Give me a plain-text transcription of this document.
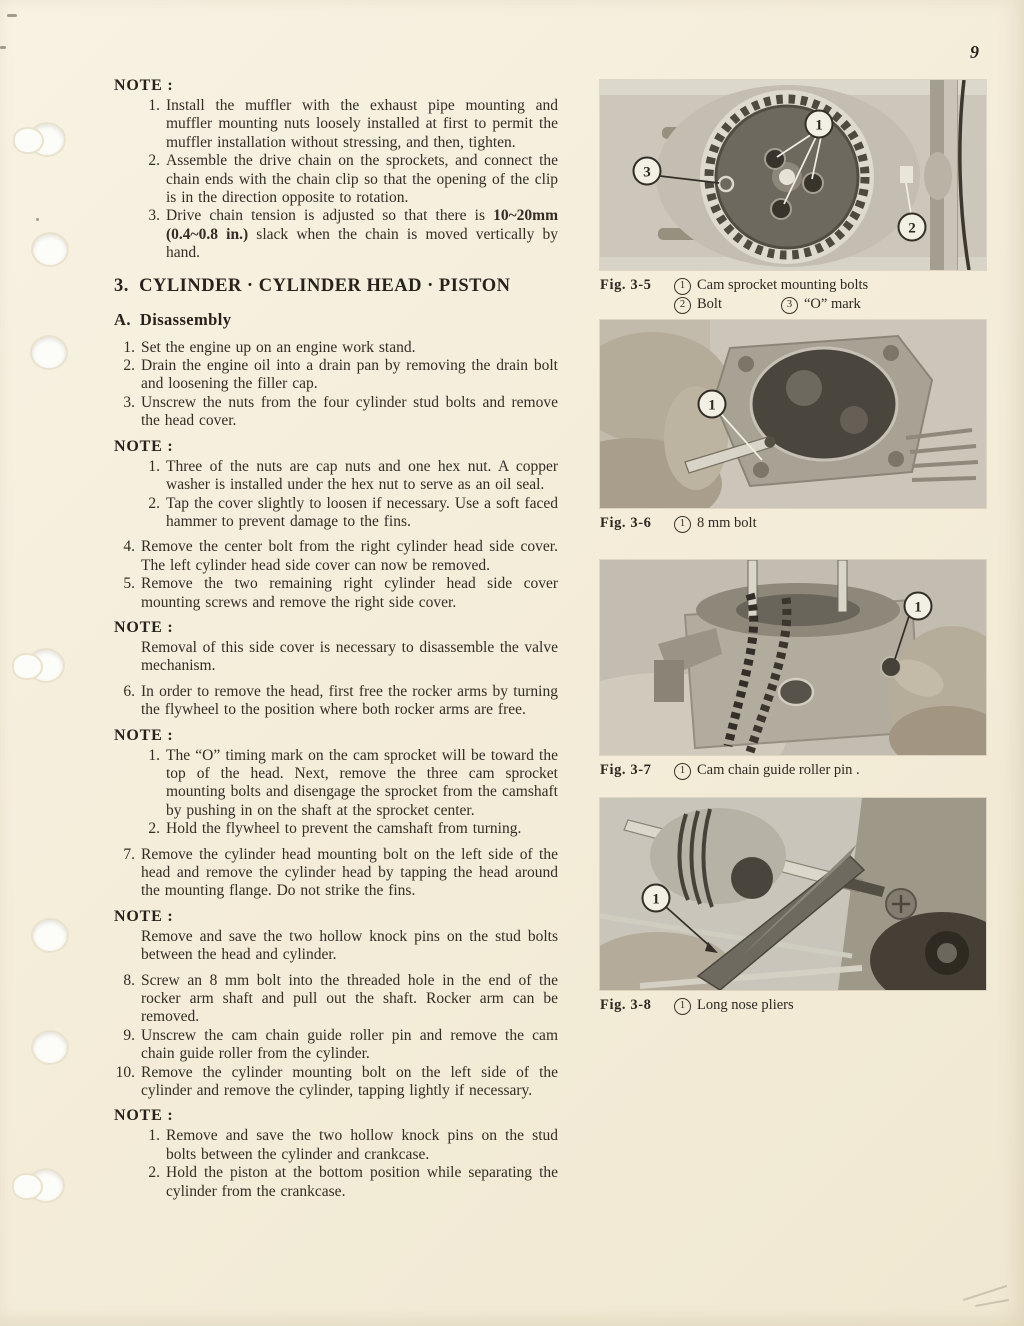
9
NOTE :
1. Install the muffler with the exhaust pipe mounting and muffler mounting nuts loosely installed at first to permit the muffler installation without stressing, and then, tighten.
2. Assemble the drive chain on the sprockets, and connect the chain ends with the chain clip so that the opening of the clip is in the direction opposite to rotation.
3. Drive chain tension is adjusted so that there is 10~20mm (0.4~0.8 in.) slack when the chain is moved vertically by hand.
3.  CYLINDER · CYLINDER HEAD · PISTON
A.  Disassembly
1. Set the engine up on an engine work stand.
2. Drain the engine oil into a drain pan by removing the drain bolt and loosening the filler cap.
3. Unscrew the nuts from the four cylinder stud bolts and remove the head cover.
NOTE :
1. Three of the nuts are cap nuts and one hex nut. A copper washer is installed under the hex nut to serve as an oil seal.
2. Tap the cover slightly to loosen if necessary. Use a soft faced hammer to prevent damage to the fins.
4. Remove the center bolt from the right cylinder head side cover. The left cylinder head side cover can now be removed.
5. Remove the two remaining right cylinder head side cover mounting screws and remove the right side cover.
NOTE :
Removal of this side cover is necessary to disassemble the valve mechanism.
6. In order to remove the head, first free the rocker arms by turning the flywheel to the position where both rocker arms are free.
NOTE :
1. The “O” timing mark on the cam sprocket will be toward the top of the head. Next, remove the three cam sprocket mounting bolts and disengage the sprocket from the camshaft by pushing in on the shaft at the sprocket center.
2. Hold the flywheel to prevent the camshaft from turning.
7. Remove the cylinder head mounting bolt on the left side of the head and remove the cylinder head by tapping the head around the mounting flange. Do not strike the fins.
NOTE :
Remove and save the two hollow knock pins on the stud bolts between the head and cylinder.
8. Screw an 8 mm bolt into the threaded hole in the end of the rocker arm shaft and pull out the shaft. Rocker arm can be removed.
9. Unscrew the cam chain guide roller pin and remove the cam chain guide roller from the cylinder.
10. Remove the cylinder mounting bolt on the left side of the cylinder and remove the cylinder, tapping lightly if necessary.
NOTE :
1. Remove and save the two hollow knock pins on the stud bolts between the cylinder and crankcase.
2. Hold the piston at the bottom position while separating the cylinder from the crankcase.
1
2
3
Fig. 3-5	1 Cam sprocket mounting bolts
2 Bolt	3 “O” mark
1
Fig. 3-6	1 8 mm bolt
1
Fig. 3-7	1 Cam chain guide roller pin .
1
Fig. 3-8	1 Long nose pliers
